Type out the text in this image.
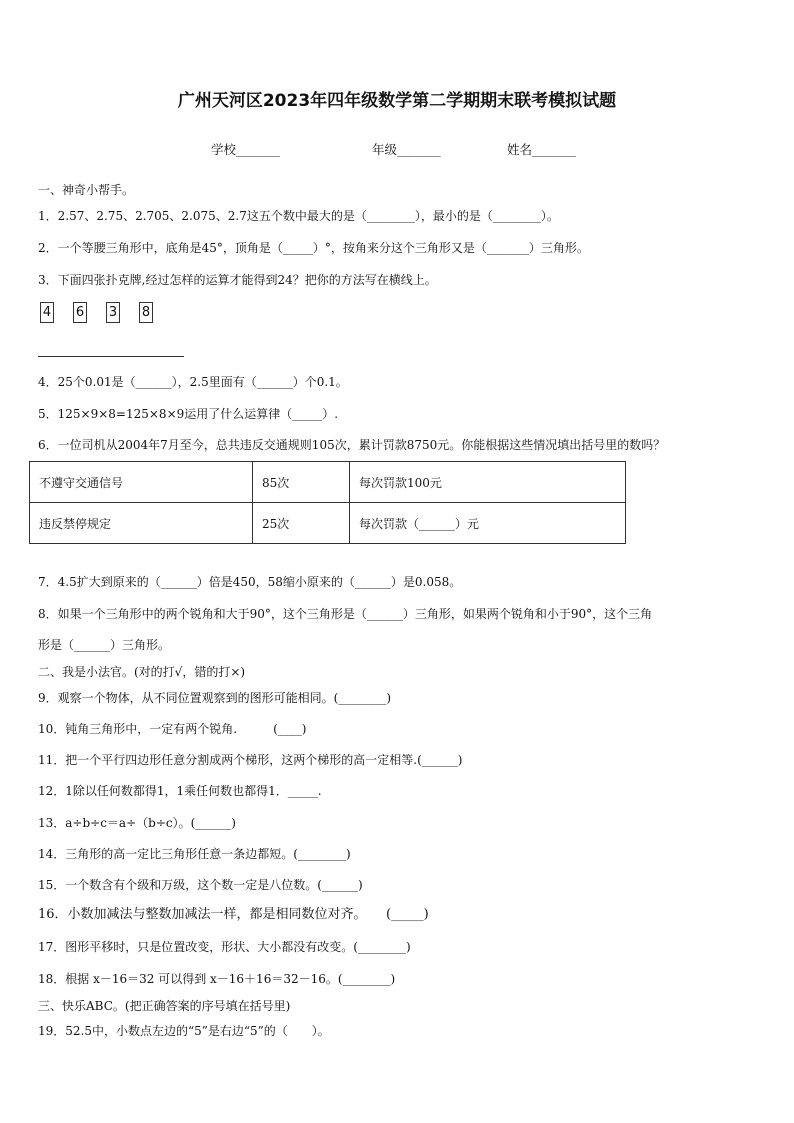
广州天河区2023年四年级数学第二学期期末联考模拟试题
学校_______	年级_______	姓名_______
一、神奇小帮手。
1．2.57、2.75、2.705、2.075、2.7这五个数中最大的是（________），最小的是（________）。
2．一个等腰三角形中，底角是45°，顶角是（_____）°，按角来分这个三角形又是（_______）三角形。
3．下面四张扑克牌,经过怎样的运算才能得到24？把你的方法写在横线上。
4 6 3 8
4．25个0.01是（______），2.5里面有（______）个0.1。
5．125×9×8=125×8×9运用了什么运算律（_____）.
6．一位司机从2004年7月至今，总共违反交通规则105次，累计罚款8750元。你能根据这些情况填出括号里的数吗？
不遵守交通信号	85次	每次罚款100元
违反禁停规定	25次	每次罚款（______）元
7．4.5扩大到原来的（______）倍是450，58缩小原来的（______）是0.058。
8．如果一个三角形中的两个锐角和大于90°，这个三角形是（______）三角形，如果两个锐角和小于90°，这个三角
形是（______）三角形。
二、我是小法官。(对的打√，错的打×)
9．观察一个物体，从不同位置观察到的图形可能相同。(________)
10．钝角三角形中，一定有两个锐角.　　　(____)
11．把一个平行四边形任意分割成两个梯形，这两个梯形的高一定相等.(______)
12．1除以任何数都得1，1乘任何数也都得1．_____.
13．a÷b÷c＝a÷（b÷c）。(______)
14．三角形的高一定比三角形任意一条边都短。(________)
15．一个数含有个级和万级，这个数一定是八位数。(______)
16．小数加减法与整数加减法一样，都是相同数位对齐。　　(_____)
17．图形平移时，只是位置改变，形状、大小都没有改变。(________)
18．根据 x－16＝32 可以得到 x－16＋16＝32－16。(________)
三、快乐ABC。(把正确答案的序号填在括号里)
19．52.5中，小数点左边的“5”是右边“5”的（　　）。
